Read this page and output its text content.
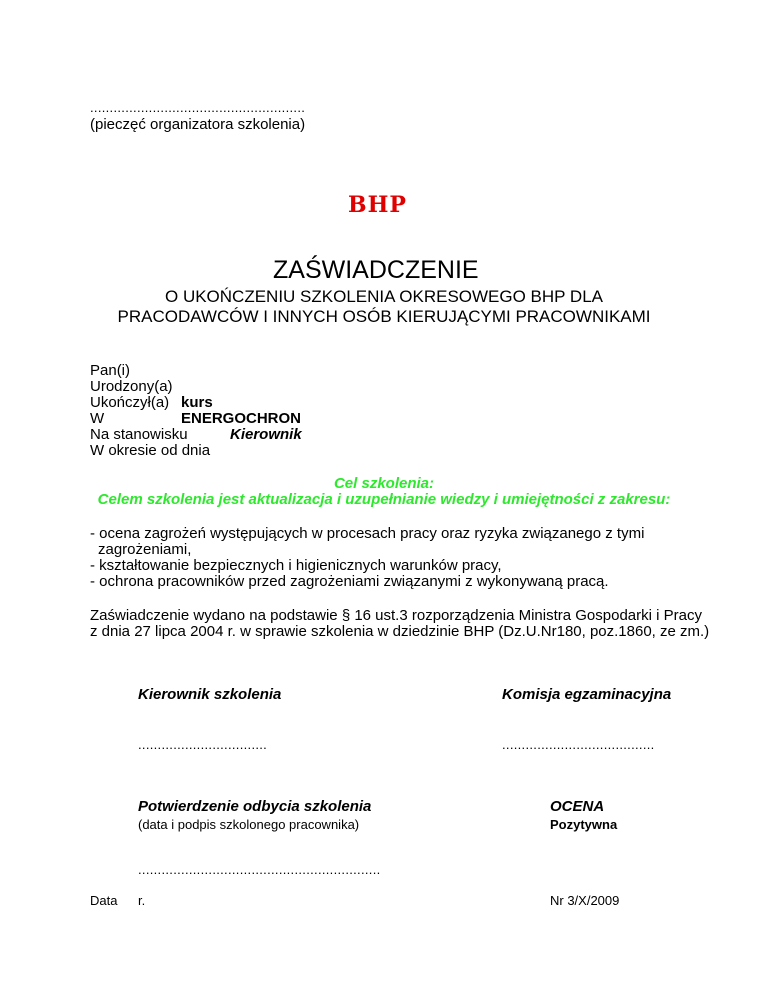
.......................................................
(pieczęć organizatora szkolenia)
BHP
ZAŚWIADCZENIE
O UKOŃCZENIU SZKOLENIA OKRESOWEGO BHP DLA
PRACODAWCÓW I INNYCH OSÓB KIERUJĄCYMI PRACOWNIKAMI
Pan(i)
Urodzony(a)
Ukończył(a) kurs
W	ENERGOCHRON
Na stanowisku	Kierownik
W okresie od dnia
Cel szkolenia:
Celem szkolenia jest aktualizacja i uzupełnianie wiedzy i umiejętności z zakresu:
- ocena zagrożeń występujących w procesach pracy oraz ryzyka związanego z tymi
zagrożeniami,
- kształtowanie bezpiecznych i higienicznych warunków pracy,
- ochrona pracowników przed zagrożeniami związanymi z wykonywaną pracą.
Zaświadczenie wydano na podstawie § 16 ust.3 rozporządzenia Ministra Gospodarki i Pracy
z dnia 27 lipca 2004 r. w sprawie szkolenia w dziedzinie BHP (Dz.U.Nr180, poz.1860, ze zm.)
Kierownik szkolenia	Komisja egzaminacyjna
.................................	.......................................
Potwierdzenie odbycia szkolenia
(data i podpis szkolonego pracownika)
OCENA
Pozytywna
..............................................................
Data r.	Nr 3/X/2009
